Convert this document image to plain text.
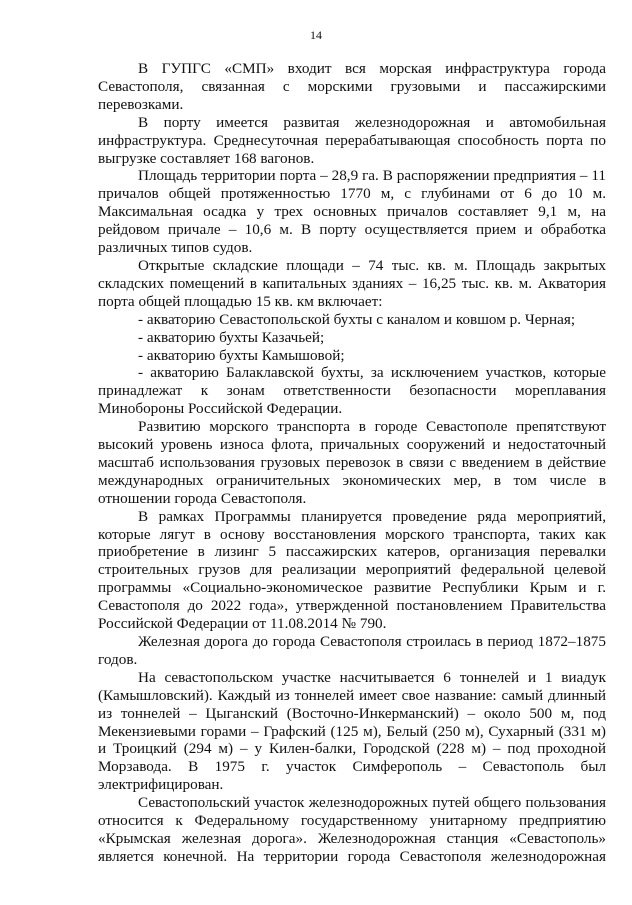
14

В ГУПГС «СМП» входит вся морская инфраструктура города Севастополя, связанная с морскими грузовыми и пассажирскими перевозками.

В порту имеется развитая железнодорожная и автомобильная инфраструктура. Среднесуточная перерабатывающая способность порта по выгрузке составляет 168 вагонов.

Площадь территории порта – 28,9 га. В распоряжении предприятия – 11 причалов общей протяженностью 1770 м, с глубинами от 6 до 10 м. Максимальная осадка у трех основных причалов составляет 9,1 м, на рейдовом причале – 10,6 м. В порту осуществляется прием и обработка различных типов судов.

Открытые складские площади – 74 тыс. кв. м. Площадь закрытых складских помещений в капитальных зданиях – 16,25 тыс. кв. м. Акватория порта общей площадью 15 кв. км включает:

- акваторию Севастопольской бухты с каналом и ковшом р. Черная;

- акваторию бухты Казачьей;

- акваторию бухты Камышовой;

- акваторию Балаклавской бухты, за исключением участков, которые принадлежат к зонам ответственности безопасности мореплавания Минобороны Российской Федерации.

Развитию морского транспорта в городе Севастополе препятствуют высокий уровень износа флота, причальных сооружений и недостаточный масштаб использования грузовых перевозок в связи с введением в действие международных ограничительных экономических мер, в том числе в отношении города Севастополя.

В рамках Программы планируется проведение ряда мероприятий, которые лягут в основу восстановления морского транспорта, таких как приобретение в лизинг 5 пассажирских катеров, организация перевалки строительных грузов для реализации мероприятий федеральной целевой программы «Социально-экономическое развитие Республики Крым и г. Севастополя до 2022 года», утвержденной постановлением Правительства Российской Федерации от 11.08.2014 № 790.

Железная дорога до города Севастополя строилась в период 1872–1875 годов.

На севастопольском участке насчитывается 6 тоннелей и 1 виадук (Камышловский). Каждый из тоннелей имеет свое название: самый длинный из тоннелей – Цыганский (Восточно-Инкерманский) – около 500 м, под Мекензиевыми горами – Графский (125 м), Белый (250 м), Сухарный (331 м) и Троицкий (294 м) – у Килен-балки, Городской (228 м) – под проходной Морзавода. В 1975 г. участок Симферополь – Севастополь был электрифицирован.

Севастопольский участок железнодорожных путей общего пользования относится к Федеральному государственному унитарному предприятию «Крымская железная дорога». Железнодорожная станция «Севастополь» является конечной. На территории города Севастополя железнодорожная
